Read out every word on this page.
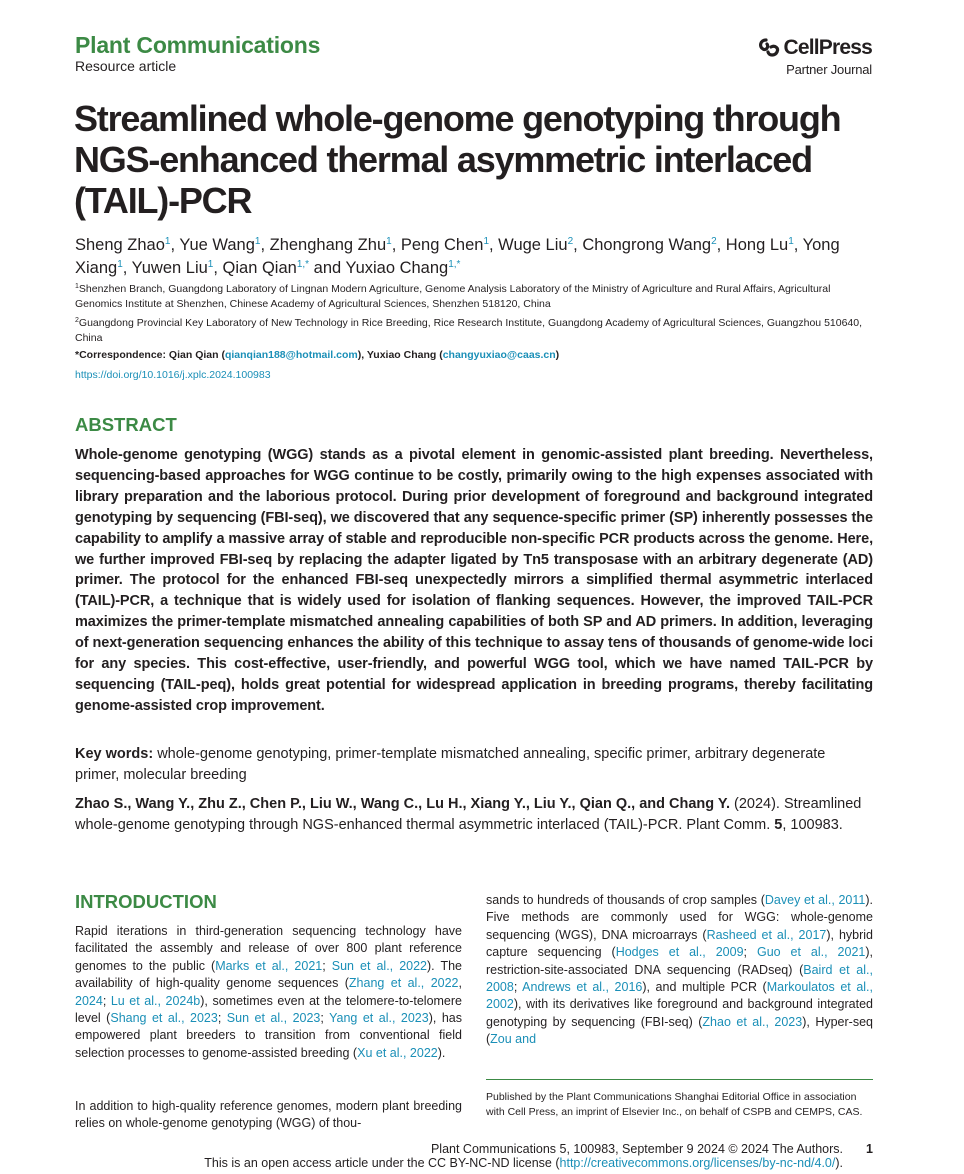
Plant Communications
Resource article
CellPress
Partner Journal
Streamlined whole-genome genotyping through NGS-enhanced thermal asymmetric interlaced (TAIL)-PCR
Sheng Zhao$^1$, Yue Wang$^1$, Zhenghang Zhu$^1$, Peng Chen$^1$, Wuge Liu$^2$, Chongrong Wang$^2$, Hong Lu$^1$, Yong Xiang$^1$, Yuwen Liu$^1$, Qian Qian$^{1,*}$ and Yuxiao Chang$^{1,*}$
$^1$Shenzhen Branch, Guangdong Laboratory of Lingnan Modern Agriculture, Genome Analysis Laboratory of the Ministry of Agriculture and Rural Affairs, Agricultural Genomics Institute at Shenzhen, Chinese Academy of Agricultural Sciences, Shenzhen 518120, China
$^2$Guangdong Provincial Key Laboratory of New Technology in Rice Breeding, Rice Research Institute, Guangdong Academy of Agricultural Sciences, Guangzhou 510640, China
*Correspondence: Qian Qian (qianqian188@hotmail.com), Yuxiao Chang (changyuxiao@caas.cn)
https://doi.org/10.1016/j.xplc.2024.100983
ABSTRACT
Whole-genome genotyping (WGG) stands as a pivotal element in genomic-assisted plant breeding. Nevertheless, sequencing-based approaches for WGG continue to be costly, primarily owing to the high expenses associated with library preparation and the laborious protocol. During prior development of foreground and background integrated genotyping by sequencing (FBI-seq), we discovered that any sequence-specific primer (SP) inherently possesses the capability to amplify a massive array of stable and reproducible non-specific PCR products across the genome. Here, we further improved FBI-seq by replacing the adapter ligated by Tn5 transposase with an arbitrary degenerate (AD) primer. The protocol for the enhanced FBI-seq unexpectedly mirrors a simplified thermal asymmetric interlaced (TAIL)-PCR, a technique that is widely used for isolation of flanking sequences. However, the improved TAIL-PCR maximizes the primer-template mismatched annealing capabilities of both SP and AD primers. In addition, leveraging of next-generation sequencing enhances the ability of this technique to assay tens of thousands of genome-wide loci for any species. This cost-effective, user-friendly, and powerful WGG tool, which we have named TAIL-PCR by sequencing (TAIL-peq), holds great potential for widespread application in breeding programs, thereby facilitating genome-assisted crop improvement.
Key words: whole-genome genotyping, primer-template mismatched annealing, specific primer, arbitrary degenerate primer, molecular breeding
Zhao S., Wang Y., Zhu Z., Chen P., Liu W., Wang C., Lu H., Xiang Y., Liu Y., Qian Q., and Chang Y. (2024). Streamlined whole-genome genotyping through NGS-enhanced thermal asymmetric interlaced (TAIL)-PCR. Plant Comm. 5, 100983.
INTRODUCTION
Rapid iterations in third-generation sequencing technology have facilitated the assembly and release of over 800 plant reference genomes to the public (Marks et al., 2021; Sun et al., 2022). The availability of high-quality genome sequences (Zhang et al., 2022, 2024; Lu et al., 2024b), sometimes even at the telomere-to-telomere level (Shang et al., 2023; Sun et al., 2023; Yang et al., 2023), has empowered plant breeders to transition from conventional field selection processes to genome-assisted breeding (Xu et al., 2022).
In addition to high-quality reference genomes, modern plant breeding relies on whole-genome genotyping (WGG) of thou-
sands to hundreds of thousands of crop samples (Davey et al., 2011). Five methods are commonly used for WGG: whole-genome sequencing (WGS), DNA microarrays (Rasheed et al., 2017), hybrid capture sequencing (Hodges et al., 2009; Guo et al., 2021), restriction-site-associated DNA sequencing (RADseq) (Baird et al., 2008; Andrews et al., 2016), and multiple PCR (Markoulatos et al., 2002), with its derivatives like foreground and background integrated genotyping by sequencing (FBI-seq) (Zhao et al., 2023), Hyper-seq (Zou and
Published by the Plant Communications Shanghai Editorial Office in association with Cell Press, an imprint of Elsevier Inc., on behalf of CSPB and CEMPS, CAS.
Plant Communications 5, 100983, September 9 2024 © 2024 The Authors. 1
This is an open access article under the CC BY-NC-ND license (http://creativecommons.org/licenses/by-nc-nd/4.0/).
